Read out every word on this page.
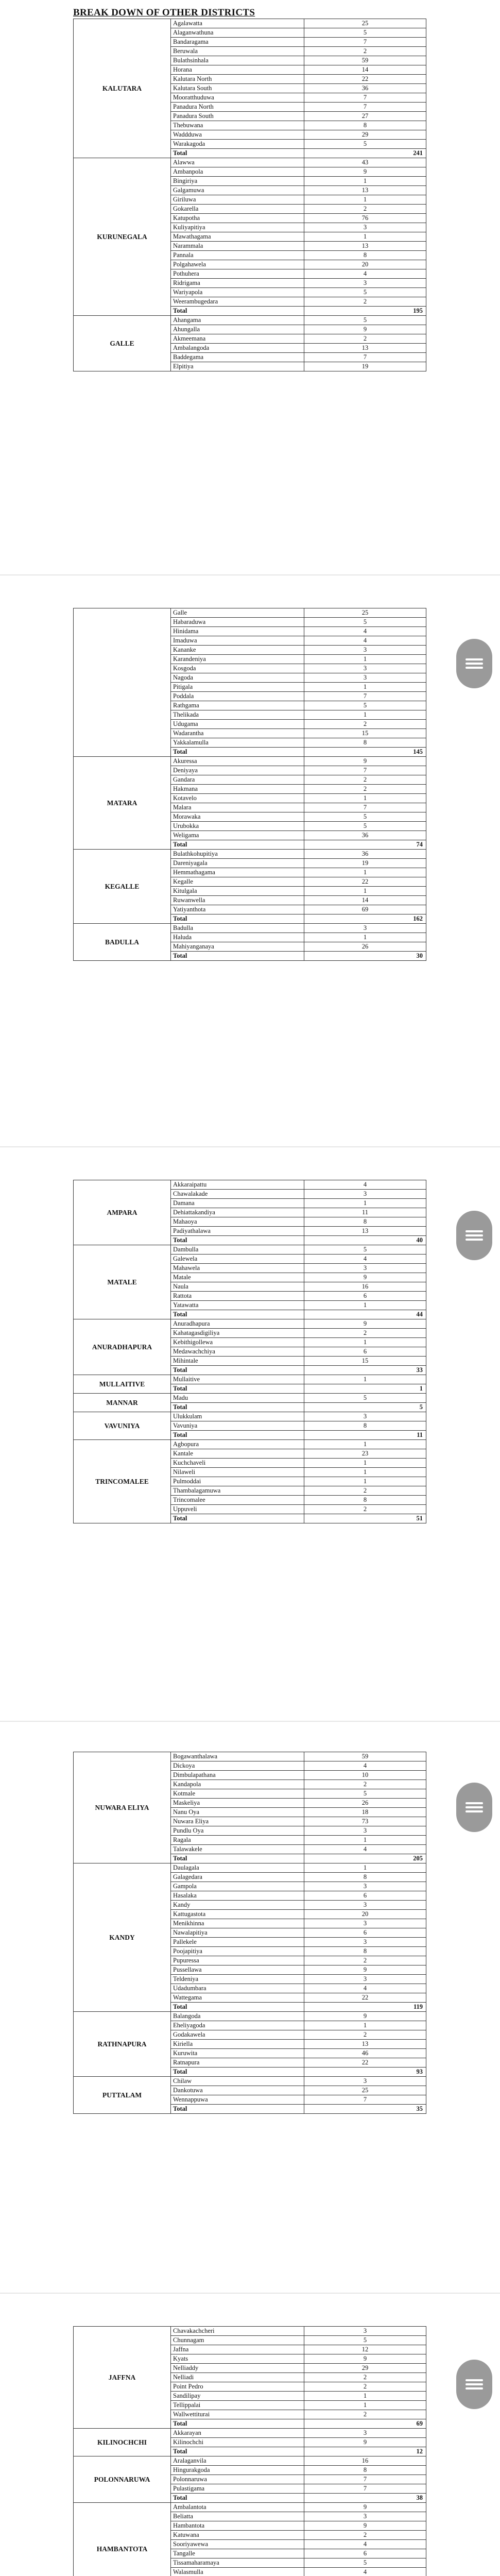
BREAK DOWN OF OTHER DISTRICTS
KALUTARA	Agalawatta	25
	Alaganwathuna	5
	Bandaragama	7
	Beruwala	2
	Bulathsinhala	59
	Horana	14
	Kalutara North	22
	Kalutara South	36
	Mooratthuduwa	7
	Panadura North	7
	Panadura South	27
	Thebuwana	8
	Waddduwa	29
	Warakagoda	5
	Total	241
KURUNEGALA	Alawwa	43
	Ambanpola	9
	Bingiriya	1
	Galgamuwa	13
	Giriluwa	1
	Gokarella	2
	Katupotha	76
	Kuliyapitiya	3
	Mawathagama	1
	Narammala	13
	Pannala	8
	Polgahawela	20
	Pothuhera	4
	Ridrigama	3
	Wariyapola	5
	Weerambugedara	2
	Total	195
GALLE	Ahangama	5
	Ahungalla	9
	Akmeemana	2
	Ambalangoda	13
	Baddegama	7
	Elpitiya	19
	Galle	25
	Habaraduwa	5
	Hinidama	4
	Imaduwa	4
	Kananke	3
	Karandeniya	1
	Kosgoda	3
	Nagoda	3
	Pitigala	1
	Poddala	7
	Rathgama	5
	Thelikada	1
	Udugama	2
	Wadarantha	15
	Yakkalamulla	8
	Total	145
MATARA	Akuressa	9
	Deniyaya	7
	Gandara	2
	Hakmana	2
	Kotavelo	1
	Malara	7
	Morawaka	5
	Urubokka	5
	Weligama	36
	Total	74
KEGALLE	Bulathkohupitiya	36
	Dareniyagala	19
	Hemmathagama	1
	Kegalle	22
	Kitulgala	1
	Ruwanwella	14
	Yatiyanthota	69
	Total	162
BADULLA	Badulla	3
	Haluda	1
	Mahiyanganaya	26
	Total	30
AMPARA	Akkaraipattu	4
	Chawalakade	3
	Damana	1
	Dehiattakandiya	11
	Mahaoya	8
	Padiyathalawa	13
	Total	40
MATALE	Dambulla	5
	Galewela	4
	Mahawela	3
	Matale	9
	Naula	16
	Rattota	6
	Yatawatta	1
	Total	44
ANURADHAPURA	Anuradhapura	9
	Kahatagasdigiliya	2
	Kebithigollewa	1
	Medawachchiya	6
	Mihintale	15
	Total	33
MULLAITIVE	Mullaitive	1
	Total	1
MANNAR	Madu	5
	Total	5
VAVUNIYA	Ulukkulam	3
	Vavuniya	8
	Total	11
TRINCOMALEE	Agbopura	1
	Kantale	23
	Kuchchaveli	1
	Nilaweli	1
	Pulmoddai	1
	Thambalagamuwa	2
	Trincomalee	8
	Uppuveli	2
	Total	51
NUWARA ELIYA	Bogawanthalawa	59
	Dickoya	4
	Dimbulapathana	10
	Kandapola	2
	Kotmale	5
	Maskeliya	26
	Nanu Oya	18
	Nuwara Eliya	73
	Pundlu Oya	3
	Ragala	1
	Talawakele	4
	Total	205
KANDY	Daulagala	1
	Galagedara	8
	Gampola	3
	Hasalaka	6
	Kandy	3
	Kattugastota	20
	Menikhinna	3
	Nawalapitiya	6
	Pallekele	3
	Poojapitiya	8
	Pupuressa	2
	Pussellawa	9
	Teldeniya	3
	Udadumbara	4
	Wattegama	22
	Total	119
RATHNAPURA	Balangoda	9
	Eheliyagoda	1
	Godakawela	2
	Kiriella	13
	Kuruwita	46
	Ratnapura	22
	Total	93
PUTTALAM	Chilaw	3
	Dankotuwa	25
	Wennappuwa	7
	Total	35
JAFFNA	Chavakachcheri	3
	Chunnagam	5
	Jaffna	12
	Kyats	9
	Nelliaddy	29
	Nelliadi	2
	Point Pedro	2
	Sandilipay	1
	Tellippalai	1
	Wallwettiturai	2
	Total	69
KILINOCHCHI	Akkarayan	3
	Kilinochchi	9
	Total	12
POLONNARUWA	Aralaganvila	16
	Hingurakgoda	8
	Polonnaruwa	7
	Pulastigama	7
	Total	38
HAMBANTOTA	Ambalantota	9
	Beliatta	3
	Hambantota	9
	Katuwana	2
	Sooriyawewa	4
	Tangalle	6
	Tissamaharamaya	5
	Walasmulla	4
